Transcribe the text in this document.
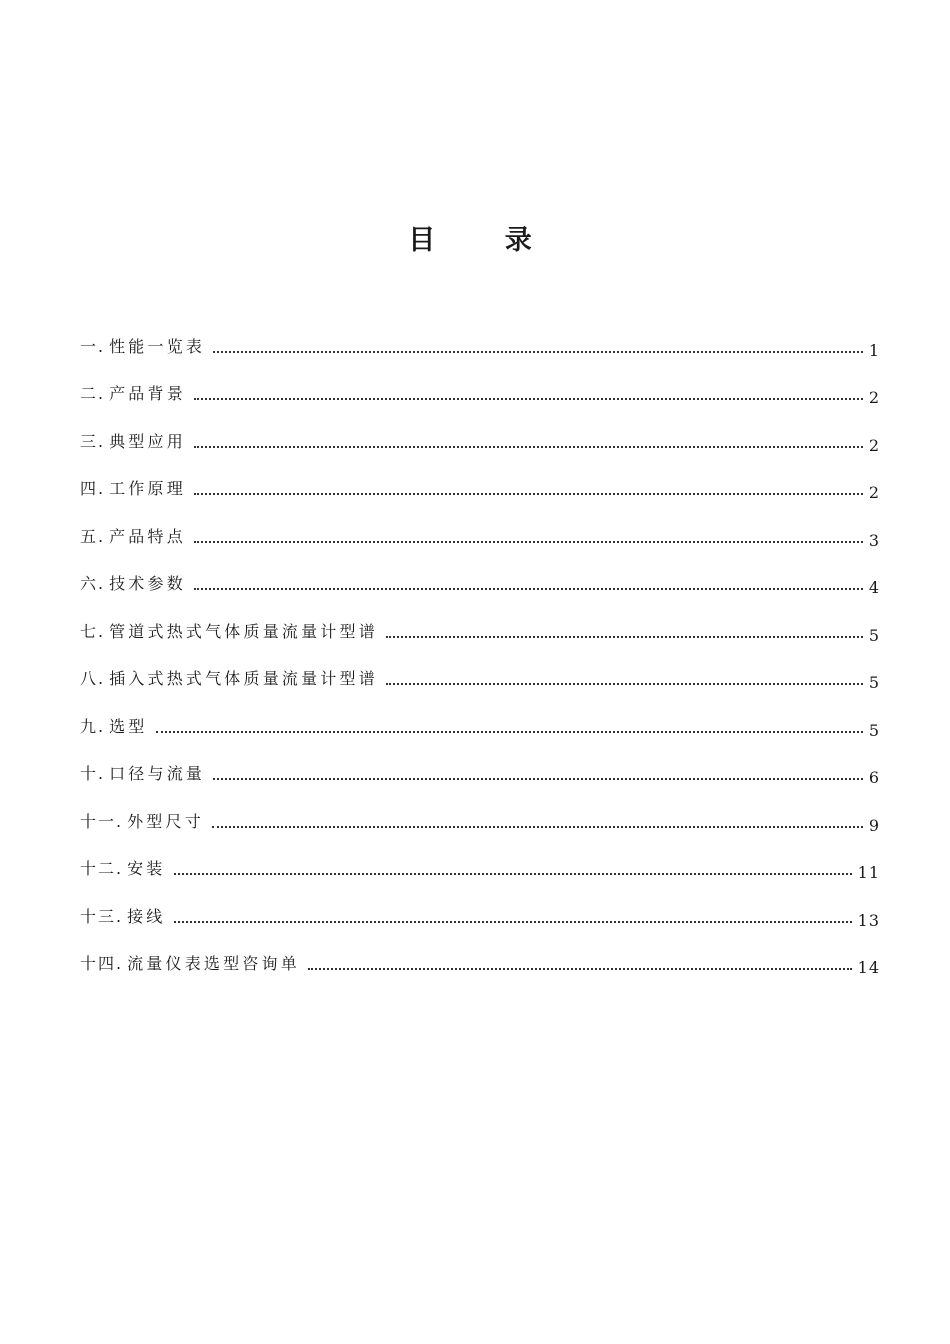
目 录
一. 性能一览表	1
二. 产品背景	2
三. 典型应用	2
四. 工作原理	2
五. 产品特点	3
六. 技术参数	4
七. 管道式热式气体质量流量计型谱	5
八. 插入式热式气体质量流量计型谱	5
九. 选型	5
十. 口径与流量	6
十一. 外型尺寸	9
十二. 安装	11
十三. 接线	13
十四. 流量仪表选型咨询单	14
